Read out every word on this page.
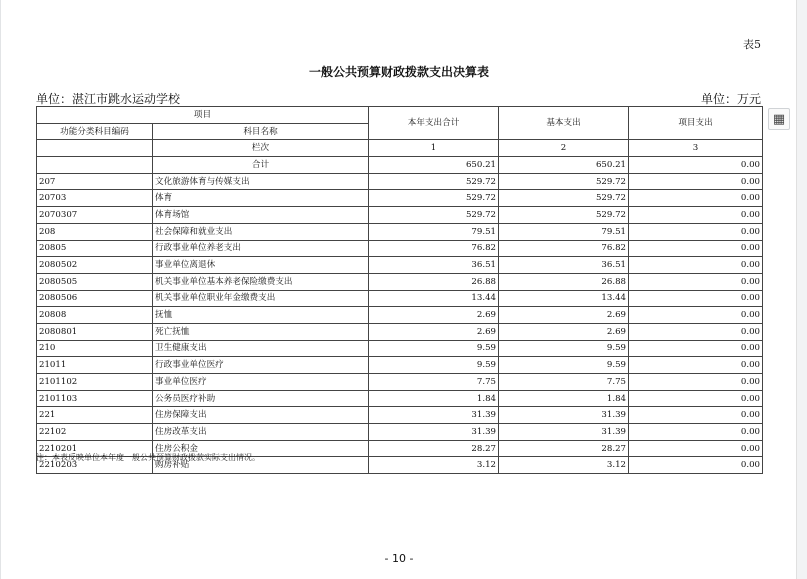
表5
一般公共预算财政拨款支出决算表
单位：湛江市跳水运动学校	单位：万元
项目		本年支出合计	基本支出	项目支出
功能分类科目编码	科目名称			
	栏次	1	2	3
	合计	650.21	650.21	0.00
207	文化旅游体育与传媒支出	529.72	529.72	0.00
20703	体育	529.72	529.72	0.00
2070307	体育场馆	529.72	529.72	0.00
208	社会保障和就业支出	79.51	79.51	0.00
20805	行政事业单位养老支出	76.82	76.82	0.00
2080502	事业单位离退休	36.51	36.51	0.00
2080505	机关事业单位基本养老保险缴费支出	26.88	26.88	0.00
2080506	机关事业单位职业年金缴费支出	13.44	13.44	0.00
20808	抚恤	2.69	2.69	0.00
2080801	死亡抚恤	2.69	2.69	0.00
210	卫生健康支出	9.59	9.59	0.00
21011	行政事业单位医疗	9.59	9.59	0.00
2101102	事业单位医疗	7.75	7.75	0.00
2101103	公务员医疗补助	1.84	1.84	0.00
221	住房保障支出	31.39	31.39	0.00
22102	住房改革支出	31.39	31.39	0.00
2210201	住房公积金	28.27	28.27	0.00
2210203	购房补贴	3.12	3.12	0.00
注：本表反映单位本年度一般公共预算财政拨款实际支出情况。
- 10 -
▦
